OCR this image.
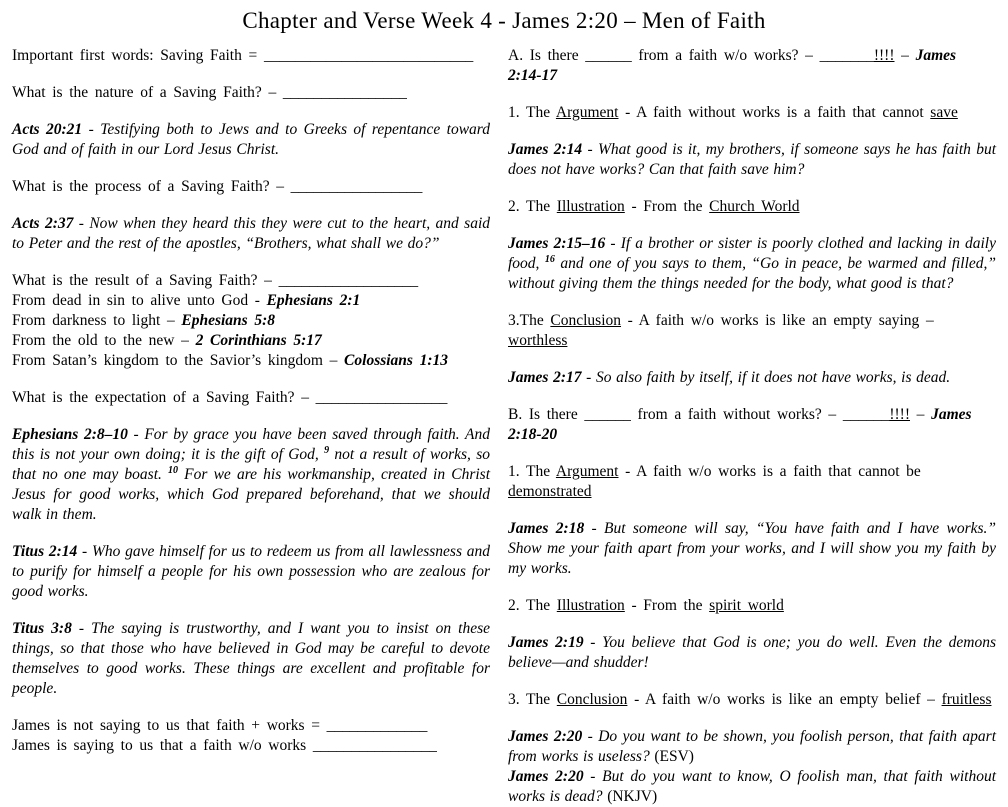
Chapter and Verse Week 4 - James 2:20 – Men of Faith
Important first words: Saving Faith = ___________________________
What is the nature of a Saving Faith? – ________________
Acts 20:21 - Testifying both to Jews and to Greeks of repentance toward God and of faith in our Lord Jesus Christ.
What is the process of a Saving Faith? – _________________
Acts 2:37 - Now when they heard this they were cut to the heart, and said to Peter and the rest of the apostles, “Brothers, what shall we do?”
What is the result of a Saving Faith? – __________________
From dead in sin to alive unto God - Ephesians 2:1
From darkness to light – Ephesians 5:8
From the old to the new – 2 Corinthians 5:17
From Satan’s kingdom to the Savior’s kingdom – Colossians 1:13
What is the expectation of a Saving Faith? – _________________
Ephesians 2:8–10 - For by grace you have been saved through faith. And this is not your own doing; it is the gift of God, $^9$ not a result of works, so that no one may boast. $^{10}$ For we are his workmanship, created in Christ Jesus for good works, which God prepared beforehand, that we should walk in them.
Titus 2:14 - Who gave himself for us to redeem us from all lawlessness and to purify for himself a people for his own possession who are zealous for good works.
Titus 3:8 - The saying is trustworthy, and I want you to insist on these things, so that those who have believed in God may be careful to devote themselves to good works. These things are excellent and profitable for people.
James is not saying to us that faith + works = _____________
James is saying to us that a faith w/o works ________________
A. Is there ______ from a faith w/o works? – _______!!!! – James 2:14-17
1. The Argument - A faith without works is a faith that cannot save
James 2:14 - What good is it, my brothers, if someone says he has faith but does not have works? Can that faith save him?
2. The Illustration - From the Church World
James 2:15–16 - If a brother or sister is poorly clothed and lacking in daily food, $^{16}$ and one of you says to them, “Go in peace, be warmed and filled,” without giving them the things needed for the body, what good is that?
3.The Conclusion - A faith w/o works is like an empty saying – worthless
James 2:17 - So also faith by itself, if it does not have works, is dead.
B. Is there ______ from a faith without works? – ______!!!! – James 2:18-20
1. The Argument - A faith w/o works is a faith that cannot be demonstrated
James 2:18 - But someone will say, “You have faith and I have works.” Show me your faith apart from your works, and I will show you my faith by my works.
2. The Illustration - From the spirit world
James 2:19 - You believe that God is one; you do well. Even the demons believe—and shudder!
3. The Conclusion - A faith w/o works is like an empty belief – fruitless
James 2:20 - Do you want to be shown, you foolish person, that faith apart from works is useless? (ESV)
James 2:20 - But do you want to know, O foolish man, that faith without works is dead? (NKJV)
